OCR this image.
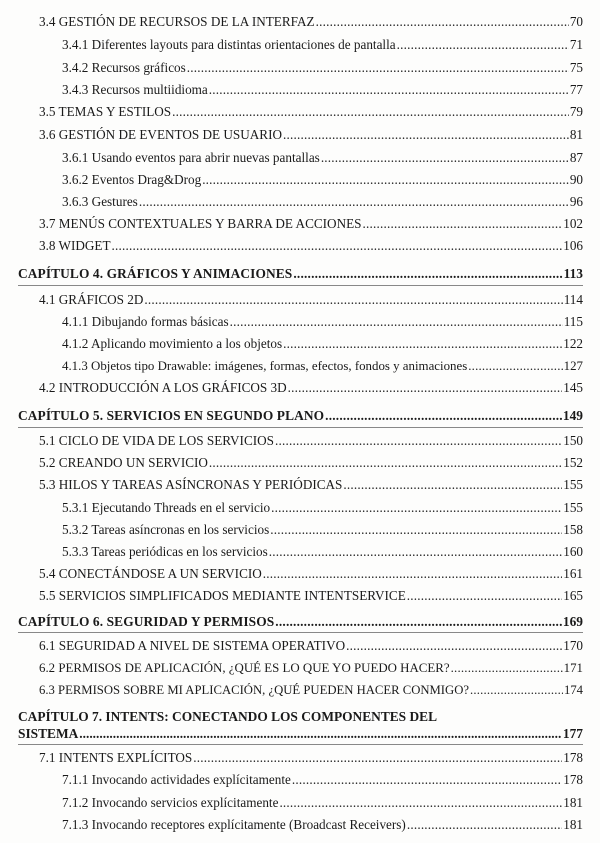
3.4 GESTIÓN DE RECURSOS DE LA INTERFAZ .....	70
3.4.1 Diferentes layouts para distintas orientaciones de pantalla .....	71
3.4.2 Recursos gráficos .....	75
3.4.3 Recursos multiidioma .....	77
3.5 TEMAS Y ESTILOS .....	79
3.6 GESTIÓN DE EVENTOS DE USUARIO .....	81
3.6.1 Usando eventos para abrir nuevas pantallas .....	87
3.6.2 Eventos Drag&Drog .....	90
3.6.3 Gestures .....	96
3.7 MENÚS CONTEXTUALES Y BARRA DE ACCIONES .....	102
3.8 WIDGET .....	106
CAPÍTULO 4. GRÁFICOS Y ANIMACIONES .....	113
4.1 GRÁFICOS 2D .....	114
4.1.1 Dibujando formas básicas .....	115
4.1.2 Aplicando movimiento a los objetos .....	122
4.1.3 Objetos tipo Drawable: imágenes, formas, efectos, fondos y animaciones .....	127
4.2 INTRODUCCIÓN A LOS GRÁFICOS 3D .....	145
CAPÍTULO 5. SERVICIOS EN SEGUNDO PLANO .....	149
5.1 CICLO DE VIDA DE LOS SERVICIOS .....	150
5.2 CREANDO UN SERVICIO .....	152
5.3 HILOS Y TAREAS ASÍNCRONAS Y PERIÓDICAS .....	155
5.3.1 Ejecutando Threads en el servicio .....	155
5.3.2 Tareas asíncronas en los servicios .....	158
5.3.3 Tareas periódicas en los servicios .....	160
5.4 CONECTÁNDOSE A UN SERVICIO .....	161
5.5 SERVICIOS SIMPLIFICADOS MEDIANTE INTENTSERVICE .....	165
CAPÍTULO 6. SEGURIDAD Y PERMISOS .....	169
6.1 SEGURIDAD A NIVEL DE SISTEMA OPERATIVO .....	170
6.2 PERMISOS DE APLICACIÓN, ¿QUÉ ES LO QUE YO PUEDO HACER? .....	171
6.3 PERMISOS SOBRE MI APLICACIÓN, ¿QUÉ PUEDEN HACER CONMIGO? .....	174
CAPÍTULO 7. INTENTS: CONECTANDO LOS COMPONENTES DEL
SISTEMA .....	177
7.1 INTENTS EXPLÍCITOS .....	178
7.1.1 Invocando actividades explícitamente .....	178
7.1.2 Invocando servicios explícitamente .....	181
7.1.3 Invocando receptores explícitamente (Broadcast Receivers) .....	181
